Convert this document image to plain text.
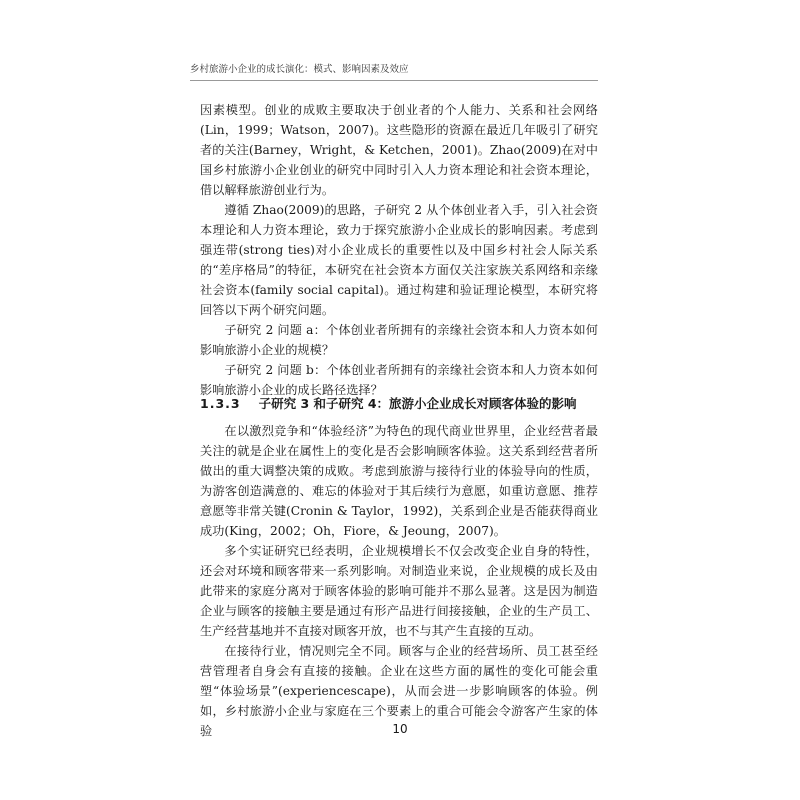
乡村旅游小企业的成长演化：模式、影响因素及效应

因素模型。创业的成败主要取决于创业者的个人能力、关系和社会网络(Lin，1999；Watson，2007)。这些隐形的资源在最近几年吸引了研究者的关注(Barney，Wright，& Ketchen，2001)。Zhao(2009)在对中国乡村旅游小企业创业的研究中同时引入人力资本理论和社会资本理论，借以解释旅游创业行为。

遵循 Zhao(2009)的思路，子研究 2 从个体创业者入手，引入社会资本理论和人力资本理论，致力于探究旅游小企业成长的影响因素。考虑到强连带(strong ties)对小企业成长的重要性以及中国乡村社会人际关系的“差序格局”的特征，本研究在社会资本方面仅关注家族关系网络和亲缘社会资本(family social capital)。通过构建和验证理论模型，本研究将回答以下两个研究问题。

子研究 2 问题 a：个体创业者所拥有的亲缘社会资本和人力资本如何影响旅游小企业的规模？

子研究 2 问题 b：个体创业者所拥有的亲缘社会资本和人力资本如何影响旅游小企业的成长路径选择？

1.3.3 子研究 3 和子研究 4：旅游小企业成长对顾客体验的影响

在以激烈竞争和“体验经济”为特色的现代商业世界里，企业经营者最关注的就是企业在属性上的变化是否会影响顾客体验。这关系到经营者所做出的重大调整决策的成败。考虑到旅游与接待行业的体验导向的性质，为游客创造满意的、难忘的体验对于其后续行为意愿，如重访意愿、推荐意愿等非常关键(Cronin & Taylor，1992)，关系到企业是否能获得商业成功(King，2002；Oh，Fiore，& Jeoung，2007)。

多个实证研究已经表明，企业规模增长不仅会改变企业自身的特性，还会对环境和顾客带来一系列影响。对制造业来说，企业规模的成长及由此带来的家庭分离对于顾客体验的影响可能并不那么显著。这是因为制造企业与顾客的接触主要是通过有形产品进行间接接触，企业的生产员工、生产经营基地并不直接对顾客开放，也不与其产生直接的互动。

在接待行业，情况则完全不同。顾客与企业的经营场所、员工甚至经营管理者自身会有直接的接触。企业在这些方面的属性的变化可能会重塑“体验场景”(experiencescape)，从而会进一步影响顾客的体验。例如，乡村旅游小企业与家庭在三个要素上的重合可能会令游客产生家的体验	10
